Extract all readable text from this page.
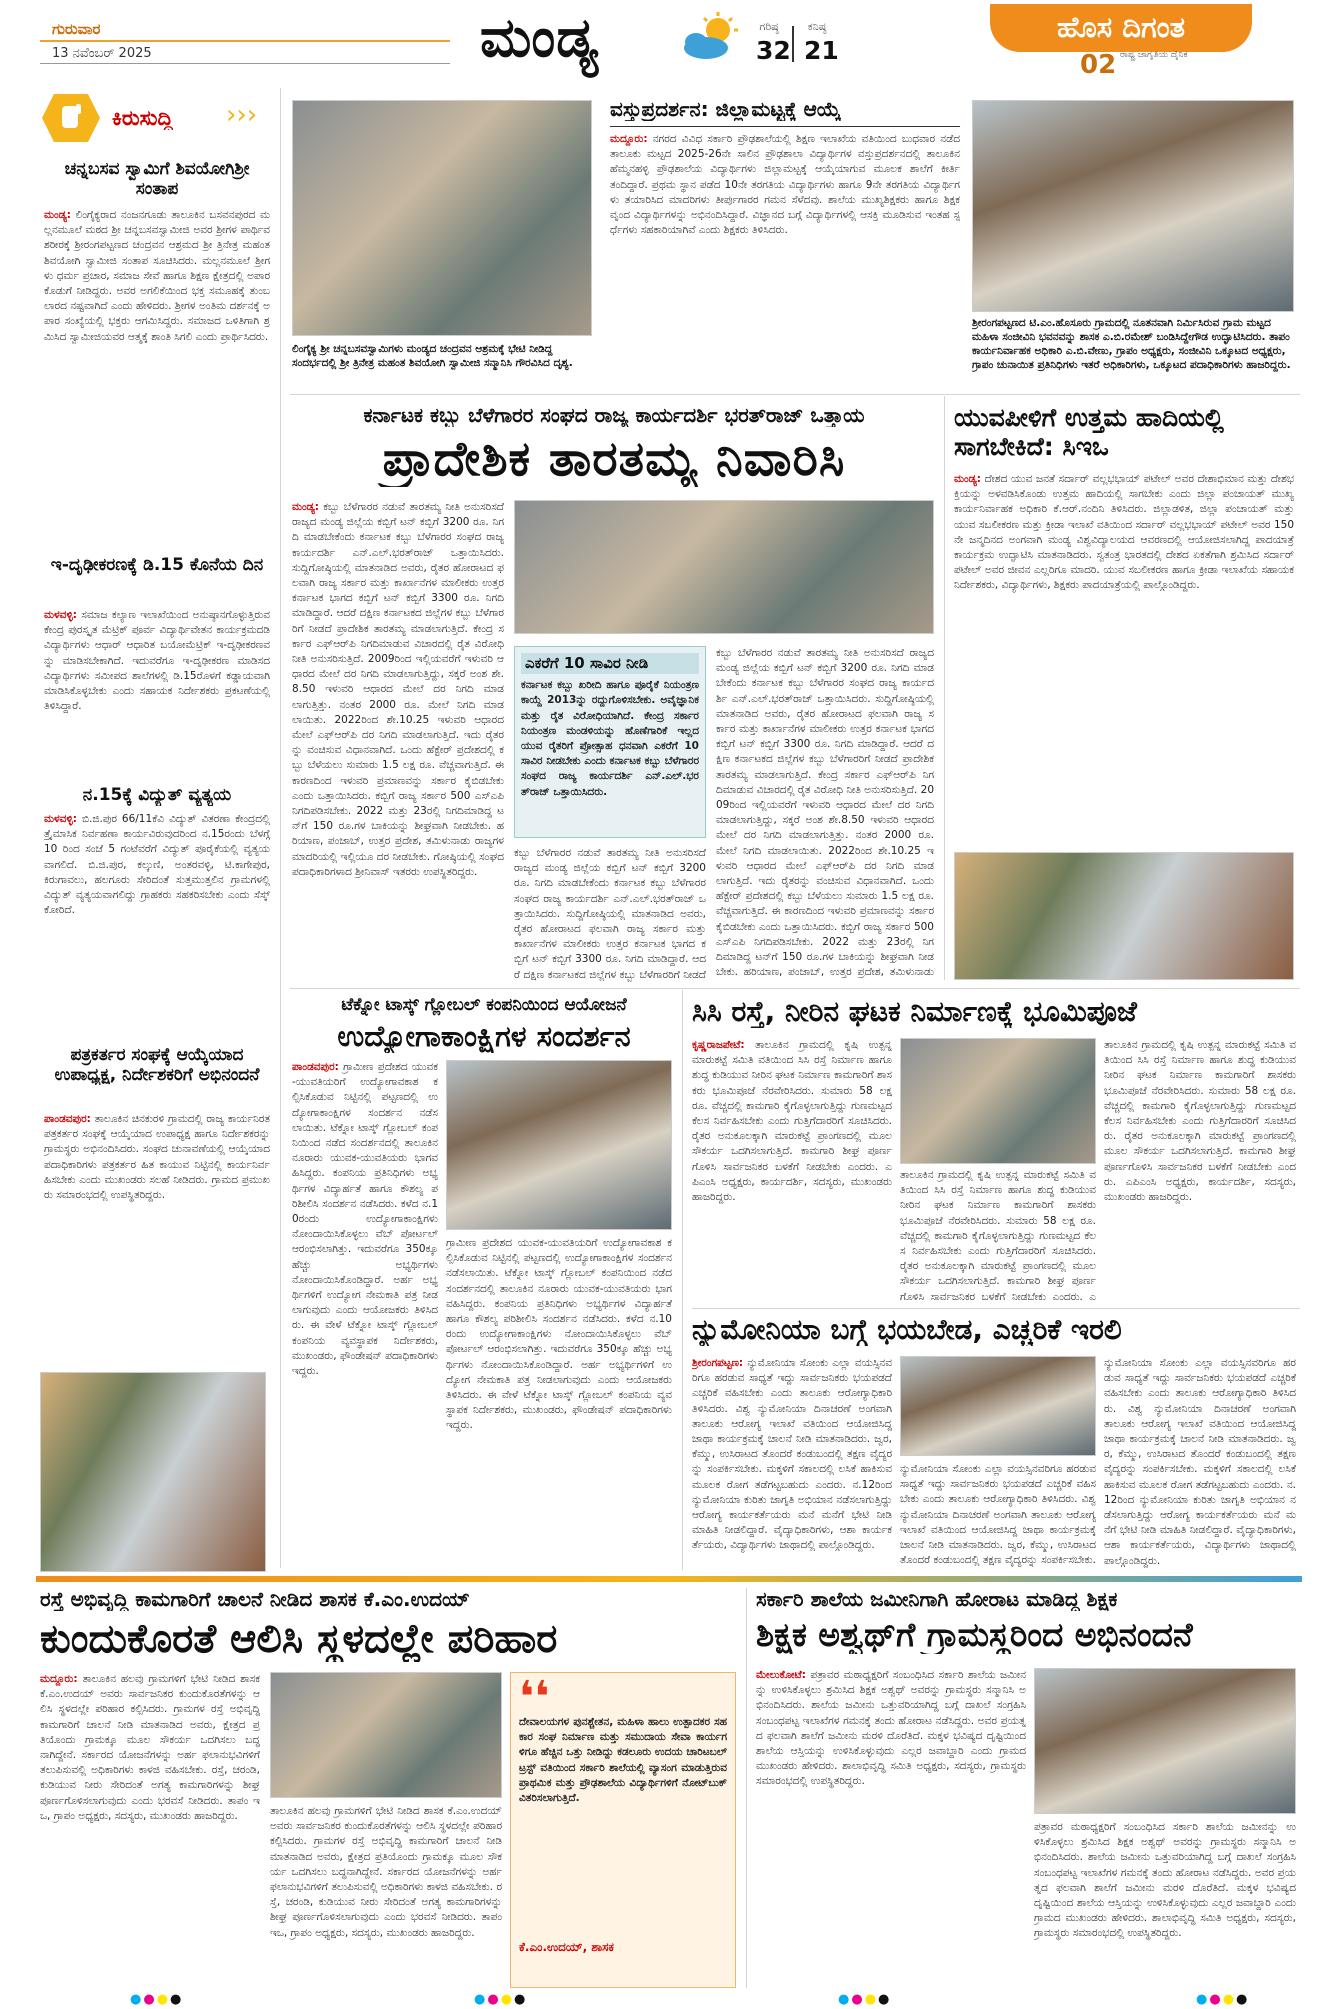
ಗುರುವಾರ
13 ನವೆಂಬರ್ 2025	ಮಂಡ್ಯ	ಗರಿಷ್ಠ
32
ಕನಿಷ್ಠ
21
ಹೊಸ ದಿಗಂತ
ರಾಷ್ಟ್ರ ಜಾಗೃತಿಯ ದೈನಿಕ
02
ಕಿರುಸುದ್ದಿ ›››
ಚನ್ನಬಸವ ಸ್ವಾಮಿಗೆ ಶಿವಯೋಗಿಶ್ರೀ ಸಂತಾಪ
ಮಂಡ್ಯ: ಲಿಂಗೈಕ್ಯರಾದ ನಂಜನಗೂಡು ತಾಲೂಕಿನ ಬಸವನಪುರದ ಮಲ್ಲನಮೂಲೆ ಮಠದ ಶ್ರೀ ಚನ್ನಬಸವಸ್ವಾಮೀಜಿ ಅವರ ಶ್ರೀಗಳ ಪಾರ್ಥಿವ ಶರೀರಕ್ಕೆ ಶ್ರೀರಂಗಪಟ್ಟಣದ ಚಂದ್ರವನ ಆಶ್ರಮದ ಶ್ರೀ ತ್ರಿನೇತ್ರ ಮಹಂತ ಶಿವಯೋಗಿ ಸ್ವಾಮೀಜಿ ಸಂತಾಪ ಸೂಚಿಸಿದರು. ಮಲ್ಲನಮೂಲೆ ಶ್ರೀಗಳು ಧರ್ಮ ಪ್ರಚಾರ, ಸಮಾಜ ಸೇವೆ ಹಾಗೂ ಶಿಕ್ಷಣ ಕ್ಷೇತ್ರದಲ್ಲಿ ಅಪಾರ ಕೊಡುಗೆ ನೀಡಿದ್ದರು. ಅವರ ಅಗಲಿಕೆಯಿಂದ ಭಕ್ತ ಸಮೂಹಕ್ಕೆ ತುಂಬಲಾರದ ನಷ್ಟವಾಗಿದೆ ಎಂದು ಹೇಳಿದರು. ಶ್ರೀಗಳ ಅಂತಿಮ ದರ್ಶನಕ್ಕೆ ಅಪಾರ ಸಂಖ್ಯೆಯಲ್ಲಿ ಭಕ್ತರು ಆಗಮಿಸಿದ್ದರು. ಸಮಾಜದ ಒಳಿತಿಗಾಗಿ ಶ್ರಮಿಸಿದ ಸ್ವಾಮೀಜಿಯವರ ಆತ್ಮಕ್ಕೆ ಶಾಂತಿ ಸಿಗಲಿ ಎಂದು ಪ್ರಾರ್ಥಿಸಿದರು.
ಇ-ದೃಢೀಕರಣಕ್ಕೆ ಡಿ.15 ಕೊನೆಯ ದಿನ
ಮಳವಳ್ಳಿ: ಸಮಾಜ ಕಲ್ಯಾಣ ಇಲಾಖೆಯಿಂದ ಅನುಷ್ಠಾನಗೊಳ್ಳುತ್ತಿರುವ ಕೇಂದ್ರ ಪುರಸ್ಕೃತ ಮೆಟ್ರಿಕ್ ಪೂರ್ವ ವಿದ್ಯಾರ್ಥಿವೇತನ ಕಾರ್ಯಕ್ರಮದಡಿ ವಿದ್ಯಾರ್ಥಿಗಳು ಆಧಾರ್ ಆಧಾರಿತ ಬಯೋಮೆಟ್ರಿಕ್ ಇ-ದೃಢೀಕರಣವನ್ನು ಮಾಡಿಸಬೇಕಾಗಿದೆ. ಇದುವರೆಗೂ ಇ-ದೃಢೀಕರಣ ಮಾಡಿಸದ ವಿದ್ಯಾರ್ಥಿಗಳು ಸಮೀಪದ ಶಾಲೆಗಳಲ್ಲಿ ಡಿ.15ರೊಳಗೆ ಕಡ್ಡಾಯವಾಗಿ ಮಾಡಿಸಿಕೊಳ್ಳಬೇಕು ಎಂದು ಸಹಾಯಕ ನಿರ್ದೇಶಕರು ಪ್ರಕಟಣೆಯಲ್ಲಿ ತಿಳಿಸಿದ್ದಾರೆ.
ನ.15ಕ್ಕೆ ವಿದ್ಯುತ್ ವ್ಯತ್ಯಯ
ಮಳವಳ್ಳಿ: ಬಿ.ಜಿ.ಪುರ 66/11ಕೆವಿ ವಿದ್ಯುತ್ ವಿತರಣಾ ಕೇಂದ್ರದಲ್ಲಿ ತ್ರೈಮಾಸಿಕ ನಿರ್ವಹಣಾ ಕಾರ್ಯವಿರುವುದರಿಂದ ನ.15ರಂದು ಬೆಳಗ್ಗೆ 10 ರಿಂದ ಸಂಜೆ 5 ಗಂಟೆವರೆಗೆ ವಿದ್ಯುತ್ ಪೂರೈಕೆಯಲ್ಲಿ ವ್ಯತ್ಯಯವಾಗಲಿದೆ. ಬಿ.ಜಿ.ಪುರ, ಕಲ್ಕುಣಿ, ಅಂತರವಳ್ಳಿ, ಟಿ.ಕಾಗೇಪುರ, ಕಿರುಗಾವಲು, ಹಲಗೂರು ಸೇರಿದಂತೆ ಸುತ್ತಮುತ್ತಲಿನ ಗ್ರಾಮಗಳಲ್ಲಿ ವಿದ್ಯುತ್ ವ್ಯತ್ಯಯವಾಗಲಿದ್ದು ಗ್ರಾಹಕರು ಸಹಕರಿಸಬೇಕು ಎಂದು ಸೆಸ್ಕ್ ಕೋರಿದೆ.
ಪತ್ರಕರ್ತರ ಸಂಘಕ್ಕೆ ಆಯ್ಕೆಯಾದ ಉಪಾಧ್ಯಕ್ಷ, ನಿರ್ದೇಶಕರಿಗೆ ಅಭಿನಂದನೆ
ಪಾಂಡವಪುರ: ತಾಲೂಕಿನ ಚಿನಕುರಳಿ ಗ್ರಾಮದಲ್ಲಿ ರಾಜ್ಯ ಕಾರ್ಯನಿರತ ಪತ್ರಕರ್ತರ ಸಂಘಕ್ಕೆ ಆಯ್ಕೆಯಾದ ಉಪಾಧ್ಯಕ್ಷ ಹಾಗೂ ನಿರ್ದೇಶಕರನ್ನು ಗ್ರಾಮಸ್ಥರು ಅಭಿನಂದಿಸಿದರು. ಸಂಘದ ಚುನಾವಣೆಯಲ್ಲಿ ಆಯ್ಕೆಯಾದ ಪದಾಧಿಕಾರಿಗಳು ಪತ್ರಕರ್ತರ ಹಿತ ಕಾಯುವ ನಿಟ್ಟಿನಲ್ಲಿ ಕಾರ್ಯನಿರ್ವಹಿಸಬೇಕು ಎಂದು ಮುಖಂಡರು ಸಲಹೆ ನೀಡಿದರು. ಗ್ರಾಮದ ಪ್ರಮುಖರು ಸಮಾರಂಭದಲ್ಲಿ ಉಪಸ್ಥಿತರಿದ್ದರು.
ಲಿಂಗೈಕ್ಯ ಶ್ರೀ ಚನ್ನಬಸವಸ್ವಾಮಿಗಳು ಮಂಡ್ಯದ ಚಂದ್ರವನ ಆಶ್ರಮಕ್ಕೆ ಭೇಟಿ ನೀಡಿದ್ದ ಸಂದರ್ಭದಲ್ಲಿ ಶ್ರೀ ತ್ರಿನೇತ್ರ ಮಹಂತ ಶಿವಯೋಗಿ ಸ್ವಾಮೀಜಿ ಸನ್ಮಾನಿಸಿ ಗೌರವಿಸಿದ ದೃಶ್ಯ.
ವಸ್ತುಪ್ರದರ್ಶನ: ಜಿಲ್ಲಾಮಟ್ಟಕ್ಕೆ ಆಯ್ಕೆ
ಮದ್ದೂರು: ನಗರದ ವಿವಿಧ ಸರ್ಕಾರಿ ಪ್ರೌಢಶಾಲೆಯಲ್ಲಿ ಶಿಕ್ಷಣ ಇಲಾಖೆಯ ವತಿಯಿಂದ ಬುಧವಾರ ನಡೆದ ತಾಲೂಕು ಮಟ್ಟದ 2025-26ನೇ ಸಾಲಿನ ಪ್ರೌಢಶಾಲಾ ವಿದ್ಯಾರ್ಥಿಗಳ ವಸ್ತುಪ್ರದರ್ಶನದಲ್ಲಿ ತಾಲೂಕಿನ ಹೆಮ್ಮನಹಳ್ಳಿ ಪ್ರೌಢಶಾಲೆಯ ವಿದ್ಯಾರ್ಥಿಗಳು ಜಿಲ್ಲಾಮಟ್ಟಕ್ಕೆ ಆಯ್ಕೆಯಾಗುವ ಮೂಲಕ ಶಾಲೆಗೆ ಕೀರ್ತಿ ತಂದಿದ್ದಾರೆ. ಪ್ರಥಮ ಸ್ಥಾನ ಪಡೆದ 10ನೇ ತರಗತಿಯ ವಿದ್ಯಾರ್ಥಿಗಳು ಹಾಗೂ 9ನೇ ತರಗತಿಯ ವಿದ್ಯಾರ್ಥಿಗಳು ತಯಾರಿಸಿದ ಮಾದರಿಗಳು ತೀರ್ಪುಗಾರರ ಗಮನ ಸೆಳೆದವು. ಶಾಲೆಯ ಮುಖ್ಯಶಿಕ್ಷಕರು ಹಾಗೂ ಶಿಕ್ಷಕ ವೃಂದ ವಿದ್ಯಾರ್ಥಿಗಳನ್ನು ಅಭಿನಂದಿಸಿದ್ದಾರೆ. ವಿಜ್ಞಾನದ ಬಗ್ಗೆ ವಿದ್ಯಾರ್ಥಿಗಳಲ್ಲಿ ಆಸಕ್ತಿ ಮೂಡಿಸುವ ಇಂತಹ ಸ್ಪರ್ಧೆಗಳು ಸಹಕಾರಿಯಾಗಿವೆ ಎಂದು ಶಿಕ್ಷಕರು ತಿಳಿಸಿದರು.
ಶ್ರೀರಂಗಪಟ್ಟಣದ ಟಿ.ಎಂ.ಹೊಸೂರು ಗ್ರಾಮದಲ್ಲಿ ನೂತನವಾಗಿ ನಿರ್ಮಿಸಿರುವ ಗ್ರಾಮ ಮಟ್ಟದ ಮಹಿಳಾ ಸಂಜೀವಿನಿ ಭವನವನ್ನು ಶಾಸಕ ಎ.ಬಿ.ರಮೇಶ್ ಬಂಡಿಸಿದ್ದೇಗೌಡ ಉದ್ಘಾಟಿಸಿದರು. ತಾಪಂ ಕಾರ್ಯನಿರ್ವಾಹಕ ಅಧಿಕಾರಿ ಎ.ಬಿ.ವೇಣು, ಗ್ರಾಪಂ ಅಧ್ಯಕ್ಷರು, ಸಂಜೀವಿನಿ ಒಕ್ಕೂಟದ ಅಧ್ಯಕ್ಷರು, ಗ್ರಾಪಂ ಚುನಾಯಿತ ಪ್ರತಿನಿಧಿಗಳು ಇತರೆ ಅಧಿಕಾರಿಗಳು, ಒಕ್ಕೂಟದ ಪದಾಧಿಕಾರಿಗಳು ಹಾಜರಿದ್ದರು.
ಕರ್ನಾಟಕ ಕಬ್ಬು ಬೆಳೆಗಾರರ ಸಂಘದ ರಾಜ್ಯ ಕಾರ್ಯದರ್ಶಿ ಭರತ್‌ರಾಜ್ ಒತ್ತಾಯ
ಪ್ರಾದೇಶಿಕ ತಾರತಮ್ಯ ನಿವಾರಿಸಿ
ಮಂಡ್ಯ: ಕಬ್ಬು ಬೆಳೆಗಾರರ ನಡುವೆ ತಾರತಮ್ಯ ನೀತಿ ಅನುಸರಿಸದೆ ರಾಜ್ಯದ ಮಂಡ್ಯ ಜಿಲ್ಲೆಯ ಕಬ್ಬಿಗೆ ಟನ್ ಕಬ್ಬಿಗೆ 3200 ರೂ. ನಿಗದಿ ಮಾಡಬೇಕೆಂದು ಕರ್ನಾಟಕ ಕಬ್ಬು ಬೆಳೆಗಾರರ ಸಂಘದ ರಾಜ್ಯ ಕಾರ್ಯದರ್ಶಿ ಎನ್.ಎಲ್.ಭರತ್‌ರಾಜ್ ಒತ್ತಾಯಿಸಿದರು. ಸುದ್ದಿಗೋಷ್ಠಿಯಲ್ಲಿ ಮಾತನಾಡಿದ ಅವರು, ರೈತರ ಹೋರಾಟದ ಫಲವಾಗಿ ರಾಜ್ಯ ಸರ್ಕಾರ ಮತ್ತು ಕಾರ್ಖಾನೆಗಳ ಮಾಲೀಕರು ಉತ್ತರ ಕರ್ನಾಟಕ ಭಾಗದ ಕಬ್ಬಿಗೆ ಟನ್ ಕಬ್ಬಿಗೆ 3300 ರೂ. ನಿಗದಿ ಮಾಡಿದ್ದಾರೆ. ಆದರೆ ದಕ್ಷಿಣ ಕರ್ನಾಟಕದ ಜಿಲ್ಲೆಗಳ ಕಬ್ಬು ಬೆಳೆಗಾರರಿಗೆ ನೀಡದೆ ಪ್ರಾದೇಶಿಕ ತಾರತಮ್ಯ ಮಾಡಲಾಗುತ್ತಿದೆ. ಕೇಂದ್ರ ಸರ್ಕಾರ ಎಫ್‌ಆರ್‌ಪಿ ನಿಗದಿಮಾಡುವ ವಿಚಾರದಲ್ಲಿ ರೈತ ವಿರೋಧಿ ನೀತಿ ಅನುಸರಿಸುತ್ತಿದೆ. 2009ರಿಂದ ಇಲ್ಲಿಯವರೆಗೆ ಇಳುವರಿ ಆಧಾರದ ಮೇಲೆ ದರ ನಿಗದಿ ಮಾಡಲಾಗುತ್ತಿದ್ದು, ಸಕ್ಕರೆ ಅಂಶ ಶೇ.8.50 ಇಳುವರಿ ಆಧಾರದ ಮೇಲೆ ದರ ನಿಗದಿ ಮಾಡಲಾಗುತ್ತಿತ್ತು. ನಂತರ 2000 ರೂ. ಮೇಲೆ ನಿಗದಿ ಮಾಡಲಾಯಿತು. 2022ರಿಂದ ಶೇ.10.25 ಇಳುವರಿ ಆಧಾರದ ಮೇಲೆ ಎಫ್‌ಆರ್‌ಪಿ ದರ ನಿಗದಿ ಮಾಡಲಾಗುತ್ತಿದೆ. ಇದು ರೈತರನ್ನು ವಂಚಿಸುವ ವಿಧಾನವಾಗಿದೆ. ಒಂದು ಹೆಕ್ಟೇರ್ ಪ್ರದೇಶದಲ್ಲಿ ಕಬ್ಬು ಬೆಳೆಯಲು ಸುಮಾರು 1.5 ಲಕ್ಷ ರೂ. ವೆಚ್ಚವಾಗುತ್ತಿದೆ. ಈ ಕಾರಣದಿಂದ ಇಳುವರಿ ಪ್ರಮಾಣವನ್ನು ಸರ್ಕಾರ ಕೈಬಿಡಬೇಕು ಎಂದು ಒತ್ತಾಯಿಸಿದರು. ಕಬ್ಬಿಗೆ ರಾಜ್ಯ ಸರ್ಕಾರ 500 ಎಸ್‌ಎಪಿ ನಿಗದಿಪಡಿಸಬೇಕು. 2022 ಮತ್ತು 23ರಲ್ಲಿ ನಿಗದಿಮಾಡಿದ್ದ ಟನ್‌ಗೆ 150 ರೂ.ಗಳ ಬಾಕಿಯನ್ನು ಶೀಘ್ರವಾಗಿ ನೀಡಬೇಕು. ಹರಿಯಾಣ, ಪಂಜಾಬ್, ಉತ್ತರ ಪ್ರದೇಶ, ತಮಿಳುನಾಡು ರಾಜ್ಯಗಳ ಮಾದರಿಯಲ್ಲಿ ಇಲ್ಲಿಯೂ ದರ ನೀಡಬೇಕು. ಗೋಷ್ಠಿಯಲ್ಲಿ ಸಂಘದ ಪದಾಧಿಕಾರಿಗಳಾದ ಶ್ರೀನಿವಾಸ್ ಇತರರು ಉಪಸ್ಥಿತರಿದ್ದರು.
ಎಕರೆಗೆ 10 ಸಾವಿರ ನೀಡಿ
ಕರ್ನಾಟಕ ಕಬ್ಬು ಖರೀದಿ ಹಾಗೂ ಪೂರೈಕೆ ನಿಯಂತ್ರಣ ಕಾಯ್ದೆ 2013ನ್ನು ರದ್ದುಗೊಳಿಸಬೇಕು. ಅವೈಜ್ಞಾನಿಕ ಮತ್ತು ರೈತ ವಿರೋಧಿಯಾಗಿದೆ. ಕೇಂದ್ರ ಸರ್ಕಾರ ನಿಯಂತ್ರಣ ಮಂಡಳಿಯನ್ನು ಹೊಣೆಗಾರಿಕೆ ಇಲ್ಲದ ಯುವ ರೈತರಿಗೆ ಪ್ರೋತ್ಸಾಹ ಧನವಾಗಿ ಎಕರೆಗೆ 10 ಸಾವಿರ ನೀಡಬೇಕು ಎಂದು ಕರ್ನಾಟಕ ಕಬ್ಬು ಬೆಳೆಗಾರರ ಸಂಘದ ರಾಜ್ಯ ಕಾರ್ಯದರ್ಶಿ ಎನ್.ಎಲ್.ಭರತ್‌ರಾಜ್ ಒತ್ತಾಯಿಸಿದರು.
ಕಬ್ಬು ಬೆಳೆಗಾರರ ನಡುವೆ ತಾರತಮ್ಯ ನೀತಿ ಅನುಸರಿಸದೆ ರಾಜ್ಯದ ಮಂಡ್ಯ ಜಿಲ್ಲೆಯ ಕಬ್ಬಿಗೆ ಟನ್ ಕಬ್ಬಿಗೆ 3200 ರೂ. ನಿಗದಿ ಮಾಡಬೇಕೆಂದು ಕರ್ನಾಟಕ ಕಬ್ಬು ಬೆಳೆಗಾರರ ಸಂಘದ ರಾಜ್ಯ ಕಾರ್ಯದರ್ಶಿ ಎನ್.ಎಲ್.ಭರತ್‌ರಾಜ್ ಒತ್ತಾಯಿಸಿದರು. ಸುದ್ದಿಗೋಷ್ಠಿಯಲ್ಲಿ ಮಾತನಾಡಿದ ಅವರು, ರೈತರ ಹೋರಾಟದ ಫಲವಾಗಿ ರಾಜ್ಯ ಸರ್ಕಾರ ಮತ್ತು ಕಾರ್ಖಾನೆಗಳ ಮಾಲೀಕರು ಉತ್ತರ ಕರ್ನಾಟಕ ಭಾಗದ ಕಬ್ಬಿಗೆ ಟನ್ ಕಬ್ಬಿಗೆ 3300 ರೂ. ನಿಗದಿ ಮಾಡಿದ್ದಾರೆ. ಆದರೆ ದಕ್ಷಿಣ ಕರ್ನಾಟಕದ ಜಿಲ್ಲೆಗಳ ಕಬ್ಬು ಬೆಳೆಗಾರರಿಗೆ ನೀಡದೆ ಪ್ರಾದೇಶಿಕ ತಾರತಮ್ಯ ಮಾಡಲಾಗುತ್ತಿದೆ. ಕೇಂದ್ರ ಸರ್ಕಾರ ಎಫ್‌ಆರ್‌ಪಿ ನಿಗದಿಮಾಡುವ ವಿಚಾರದಲ್ಲಿ ರೈತ ವಿರೋಧಿ ನೀತಿ ಅನುಸರಿಸುತ್ತಿದೆ. 2009ರಿಂದ ಇಲ್ಲಿಯವರೆಗೆ ಇಳುವರಿ ಆಧಾರದ ಮೇಲೆ ದರ ನಿಗದಿ ಮಾಡಲಾಗುತ್ತಿದ್ದು, ಸಕ್ಕರೆ ಅಂಶ ಶೇ.8.50 ಇಳುವರಿ ಆಧಾರದ ಮೇಲೆ ದರ ನಿಗದಿ ಮಾಡಲಾಗುತ್ತಿತ್ತು. ನಂತರ 2000 ರೂ. ಮೇಲೆ ನಿಗದಿ ಮಾಡಲಾಯಿತು. 2022ರಿಂದ ಶೇ.10.25 ಇಳುವರಿ ಆಧಾರದ ಮೇಲೆ ಎಫ್‌ಆರ್‌ಪಿ ದರ ನಿಗದಿ ಮಾಡಲಾಗುತ್ತಿದೆ. ಇದು ರೈತರನ್ನು ವಂಚಿಸುವ ವಿಧಾನವಾಗಿದೆ. ಒಂದು ಹೆಕ್ಟೇರ್ ಪ್ರದೇಶದಲ್ಲಿ ಕಬ್ಬು ಬೆಳೆಯಲು ಸುಮಾರು 1.5 ಲಕ್ಷ ರೂ. ವೆಚ್ಚವಾಗುತ್ತಿದೆ. ಈ ಕಾರಣದಿಂದ ಇಳುವರಿ ಪ್ರಮಾಣವನ್ನು ಸರ್ಕಾರ ಕೈಬಿಡಬೇಕು ಎಂದು ಒತ್ತಾಯಿಸಿದರು. ಕಬ್ಬಿಗೆ ರಾಜ್ಯ ಸರ್ಕಾರ 500 ಎಸ್‌ಎಪಿ ನಿಗದಿಪಡಿಸಬೇಕು. 2022 ಮತ್ತು 23ರಲ್ಲಿ ನಿಗದಿಮಾಡಿದ್ದ ಟನ್‌ಗೆ 150 ರೂ.ಗಳ ಬಾಕಿಯನ್ನು ಶೀಘ್ರವಾಗಿ ನೀಡಬೇಕು. ಹರಿಯಾಣ, ಪಂಜಾಬ್, ಉತ್ತರ ಪ್ರದೇಶ, ತಮಿಳುನಾಡು
ಕಬ್ಬು ಬೆಳೆಗಾರರ ನಡುವೆ ತಾರತಮ್ಯ ನೀತಿ ಅನುಸರಿಸದೆ ರಾಜ್ಯದ ಮಂಡ್ಯ ಜಿಲ್ಲೆಯ ಕಬ್ಬಿಗೆ ಟನ್ ಕಬ್ಬಿಗೆ 3200 ರೂ. ನಿಗದಿ ಮಾಡಬೇಕೆಂದು ಕರ್ನಾಟಕ ಕಬ್ಬು ಬೆಳೆಗಾರರ ಸಂಘದ ರಾಜ್ಯ ಕಾರ್ಯದರ್ಶಿ ಎನ್.ಎಲ್.ಭರತ್‌ರಾಜ್ ಒತ್ತಾಯಿಸಿದರು. ಸುದ್ದಿಗೋಷ್ಠಿಯಲ್ಲಿ ಮಾತನಾಡಿದ ಅವರು, ರೈತರ ಹೋರಾಟದ ಫಲವಾಗಿ ರಾಜ್ಯ ಸರ್ಕಾರ ಮತ್ತು ಕಾರ್ಖಾನೆಗಳ ಮಾಲೀಕರು ಉತ್ತರ ಕರ್ನಾಟಕ ಭಾಗದ ಕಬ್ಬಿಗೆ ಟನ್ ಕಬ್ಬಿಗೆ 3300 ರೂ. ನಿಗದಿ ಮಾಡಿದ್ದಾರೆ. ಆದರೆ ದಕ್ಷಿಣ ಕರ್ನಾಟಕದ ಜಿಲ್ಲೆಗಳ ಕಬ್ಬು ಬೆಳೆಗಾರರಿಗೆ ನೀಡದೆ
ಯುವಪೀಳಿಗೆ ಉತ್ತಮ ಹಾದಿಯಲ್ಲಿ ಸಾಗಬೇಕಿದೆ: ಸಿಇಒ
ಮಂಡ್ಯ: ದೇಶದ ಯುವ ಜನತೆ ಸರ್ದಾರ್ ವಲ್ಲಭಭಾಯ್ ಪಟೇಲ್ ಅವರ ದೇಶಾಭಿಮಾನ ಮತ್ತು ದೇಶಭಕ್ತಿಯನ್ನು ಅಳವಡಿಸಿಕೊಂಡು ಉತ್ತಮ ಹಾದಿಯಲ್ಲಿ ಸಾಗಬೇಕು ಎಂದು ಜಿಲ್ಲಾ ಪಂಚಾಯತ್ ಮುಖ್ಯ ಕಾರ್ಯನಿರ್ವಾಹಕ ಅಧಿಕಾರಿ ಕೆ.ಆರ್.ನಂದಿನಿ ತಿಳಿಸಿದರು. ಜಿಲ್ಲಾಡಳಿತ, ಜಿಲ್ಲಾ ಪಂಚಾಯತ್ ಮತ್ತು ಯುವ ಸಬಲೀಕರಣ ಮತ್ತು ಕ್ರೀಡಾ ಇಲಾಖೆ ವತಿಯಿಂದ ಸರ್ದಾರ್ ವಲ್ಲಭಭಾಯ್ ಪಟೇಲ್ ಅವರ 150ನೇ ಜನ್ಮದಿನದ ಅಂಗವಾಗಿ ಮಂಡ್ಯ ವಿಶ್ವವಿದ್ಯಾಲಯದ ಆವರಣದಲ್ಲಿ ಆಯೋಜಿಸಲಾಗಿದ್ದ ಪಾದಯಾತ್ರೆ ಕಾರ್ಯಕ್ರಮ ಉದ್ಘಾಟಿಸಿ ಮಾತನಾಡಿದರು. ಸ್ವತಂತ್ರ ಭಾರತದಲ್ಲಿ ದೇಶದ ಏಕತೆಗಾಗಿ ಶ್ರಮಿಸಿದ ಸರ್ದಾರ್ ಪಟೇಲ್ ಅವರ ಜೀವನ ಎಲ್ಲರಿಗೂ ಮಾದರಿ. ಯುವ ಸಬಲೀಕರಣ ಹಾಗೂ ಕ್ರೀಡಾ ಇಲಾಖೆಯ ಸಹಾಯಕ ನಿರ್ದೇಶಕರು, ವಿದ್ಯಾರ್ಥಿಗಳು, ಶಿಕ್ಷಕರು ಪಾದಯಾತ್ರೆಯಲ್ಲಿ ಪಾಲ್ಗೊಂಡಿದ್ದರು.
ಟೆಕ್ನೋ ಟಾಸ್ಕ್ ಗ್ಲೋಬಲ್ ಕಂಪನಿಯಿಂದ ಆಯೋಜನೆ
ಉದ್ಯೋಗಾಕಾಂಕ್ಷಿಗಳ ಸಂದರ್ಶನ
ಪಾಂಡವಪುರ: ಗ್ರಾಮೀಣ ಪ್ರದೇಶದ ಯುವಕ-ಯುವತಿಯರಿಗೆ ಉದ್ಯೋಗಾವಕಾಶ ಕಲ್ಪಿಸಿಕೊಡುವ ನಿಟ್ಟಿನಲ್ಲಿ ಪಟ್ಟಣದಲ್ಲಿ ಉದ್ಯೋಗಾಕಾಂಕ್ಷಿಗಳ ಸಂದರ್ಶನ ನಡೆಸಲಾಯಿತು. ಟೆಕ್ನೋ ಟಾಸ್ಕ್ ಗ್ಲೋಬಲ್ ಕಂಪನಿಯಿಂದ ನಡೆದ ಸಂದರ್ಶನದಲ್ಲಿ ತಾಲೂಕಿನ ನೂರಾರು ಯುವಕ-ಯುವತಿಯರು ಭಾಗವಹಿಸಿದ್ದರು. ಕಂಪನಿಯ ಪ್ರತಿನಿಧಿಗಳು ಅಭ್ಯರ್ಥಿಗಳ ವಿದ್ಯಾರ್ಹತೆ ಹಾಗೂ ಕೌಶಲ್ಯ ಪರಿಶೀಲಿಸಿ ಸಂದರ್ಶನ ನಡೆಸಿದರು. ಕಳೆದ ನ.10ರಂದು ಉದ್ಯೋಗಾಕಾಂಕ್ಷಿಗಳು ನೋಂದಾಯಿಸಿಕೊಳ್ಳಲು ವೆಬ್ ಪೋರ್ಟಲ್ ಆರಂಭಿಸಲಾಗಿತ್ತು. ಇದುವರೆಗೂ 350ಕ್ಕೂ ಹೆಚ್ಚು ಅಭ್ಯರ್ಥಿಗಳು ನೋಂದಾಯಿಸಿಕೊಂಡಿದ್ದಾರೆ. ಅರ್ಹ ಅಭ್ಯರ್ಥಿಗಳಿಗೆ ಉದ್ಯೋಗ ನೇಮಕಾತಿ ಪತ್ರ ನೀಡಲಾಗುವುದು ಎಂದು ಆಯೋಜಕರು ತಿಳಿಸಿದರು. ಈ ವೇಳೆ ಟೆಕ್ನೋ ಟಾಸ್ಕ್ ಗ್ಲೋಬಲ್ ಕಂಪನಿಯ ವ್ಯವಸ್ಥಾಪಕ ನಿರ್ದೇಶಕರು, ಮುಖಂಡರು, ಫೌಂಡೇಷನ್ ಪದಾಧಿಕಾರಿಗಳು ಇದ್ದರು.
ಗ್ರಾಮೀಣ ಪ್ರದೇಶದ ಯುವಕ-ಯುವತಿಯರಿಗೆ ಉದ್ಯೋಗಾವಕಾಶ ಕಲ್ಪಿಸಿಕೊಡುವ ನಿಟ್ಟಿನಲ್ಲಿ ಪಟ್ಟಣದಲ್ಲಿ ಉದ್ಯೋಗಾಕಾಂಕ್ಷಿಗಳ ಸಂದರ್ಶನ ನಡೆಸಲಾಯಿತು. ಟೆಕ್ನೋ ಟಾಸ್ಕ್ ಗ್ಲೋಬಲ್ ಕಂಪನಿಯಿಂದ ನಡೆದ ಸಂದರ್ಶನದಲ್ಲಿ ತಾಲೂಕಿನ ನೂರಾರು ಯುವಕ-ಯುವತಿಯರು ಭಾಗವಹಿಸಿದ್ದರು. ಕಂಪನಿಯ ಪ್ರತಿನಿಧಿಗಳು ಅಭ್ಯರ್ಥಿಗಳ ವಿದ್ಯಾರ್ಹತೆ ಹಾಗೂ ಕೌಶಲ್ಯ ಪರಿಶೀಲಿಸಿ ಸಂದರ್ಶನ ನಡೆಸಿದರು. ಕಳೆದ ನ.10ರಂದು ಉದ್ಯೋಗಾಕಾಂಕ್ಷಿಗಳು ನೋಂದಾಯಿಸಿಕೊಳ್ಳಲು ವೆಬ್ ಪೋರ್ಟಲ್ ಆರಂಭಿಸಲಾಗಿತ್ತು. ಇದುವರೆಗೂ 350ಕ್ಕೂ ಹೆಚ್ಚು ಅಭ್ಯರ್ಥಿಗಳು ನೋಂದಾಯಿಸಿಕೊಂಡಿದ್ದಾರೆ. ಅರ್ಹ ಅಭ್ಯರ್ಥಿಗಳಿಗೆ ಉದ್ಯೋಗ ನೇಮಕಾತಿ ಪತ್ರ ನೀಡಲಾಗುವುದು ಎಂದು ಆಯೋಜಕರು ತಿಳಿಸಿದರು. ಈ ವೇಳೆ ಟೆಕ್ನೋ ಟಾಸ್ಕ್ ಗ್ಲೋಬಲ್ ಕಂಪನಿಯ ವ್ಯವಸ್ಥಾಪಕ ನಿರ್ದೇಶಕರು, ಮುಖಂಡರು, ಫೌಂಡೇಷನ್ ಪದಾಧಿಕಾರಿಗಳು ಇದ್ದರು.
ಸಿಸಿ ರಸ್ತೆ, ನೀರಿನ ಘಟಕ ನಿರ್ಮಾಣಕ್ಕೆ ಭೂಮಿಪೂಜೆ
ಕೃಷ್ಣರಾಜಪೇಟೆ: ತಾಲೂಕಿನ ಗ್ರಾಮದಲ್ಲಿ ಕೃಷಿ ಉತ್ಪನ್ನ ಮಾರುಕಟ್ಟೆ ಸಮಿತಿ ವತಿಯಿಂದ ಸಿಸಿ ರಸ್ತೆ ನಿರ್ಮಾಣ ಹಾಗೂ ಶುದ್ಧ ಕುಡಿಯುವ ನೀರಿನ ಘಟಕ ನಿರ್ಮಾಣ ಕಾಮಗಾರಿಗೆ ಶಾಸಕರು ಭೂಮಿಪೂಜೆ ನೆರವೇರಿಸಿದರು. ಸುಮಾರು 58 ಲಕ್ಷ ರೂ. ವೆಚ್ಚದಲ್ಲಿ ಕಾಮಗಾರಿ ಕೈಗೊಳ್ಳಲಾಗುತ್ತಿದ್ದು ಗುಣಮಟ್ಟದ ಕೆಲಸ ನಿರ್ವಹಿಸಬೇಕು ಎಂದು ಗುತ್ತಿಗೆದಾರರಿಗೆ ಸೂಚಿಸಿದರು. ರೈತರ ಅನುಕೂಲಕ್ಕಾಗಿ ಮಾರುಕಟ್ಟೆ ಪ್ರಾಂಗಣದಲ್ಲಿ ಮೂಲ ಸೌಕರ್ಯ ಒದಗಿಸಲಾಗುತ್ತಿದೆ. ಕಾಮಗಾರಿ ಶೀಘ್ರ ಪೂರ್ಣಗೊಳಿಸಿ ಸಾರ್ವಜನಿಕರ ಬಳಕೆಗೆ ನೀಡಬೇಕು ಎಂದರು. ಎಪಿಎಂಸಿ ಅಧ್ಯಕ್ಷರು, ಕಾರ್ಯದರ್ಶಿ, ಸದಸ್ಯರು, ಮುಖಂಡರು ಹಾಜರಿದ್ದರು.
ತಾಲೂಕಿನ ಗ್ರಾಮದಲ್ಲಿ ಕೃಷಿ ಉತ್ಪನ್ನ ಮಾರುಕಟ್ಟೆ ಸಮಿತಿ ವತಿಯಿಂದ ಸಿಸಿ ರಸ್ತೆ ನಿರ್ಮಾಣ ಹಾಗೂ ಶುದ್ಧ ಕುಡಿಯುವ ನೀರಿನ ಘಟಕ ನಿರ್ಮಾಣ ಕಾಮಗಾರಿಗೆ ಶಾಸಕರು ಭೂಮಿಪೂಜೆ ನೆರವೇರಿಸಿದರು. ಸುಮಾರು 58 ಲಕ್ಷ ರೂ. ವೆಚ್ಚದಲ್ಲಿ ಕಾಮಗಾರಿ ಕೈಗೊಳ್ಳಲಾಗುತ್ತಿದ್ದು ಗುಣಮಟ್ಟದ ಕೆಲಸ ನಿರ್ವಹಿಸಬೇಕು ಎಂದು ಗುತ್ತಿಗೆದಾರರಿಗೆ ಸೂಚಿಸಿದರು. ರೈತರ ಅನುಕೂಲಕ್ಕಾಗಿ ಮಾರುಕಟ್ಟೆ ಪ್ರಾಂಗಣದಲ್ಲಿ ಮೂಲ ಸೌಕರ್ಯ ಒದಗಿಸಲಾಗುತ್ತಿದೆ. ಕಾಮಗಾರಿ ಶೀಘ್ರ ಪೂರ್ಣಗೊಳಿಸಿ ಸಾರ್ವಜನಿಕರ ಬಳಕೆಗೆ ನೀಡಬೇಕು ಎಂದರು. ಎ
ತಾಲೂಕಿನ ಗ್ರಾಮದಲ್ಲಿ ಕೃಷಿ ಉತ್ಪನ್ನ ಮಾರುಕಟ್ಟೆ ಸಮಿತಿ ವತಿಯಿಂದ ಸಿಸಿ ರಸ್ತೆ ನಿರ್ಮಾಣ ಹಾಗೂ ಶುದ್ಧ ಕುಡಿಯುವ ನೀರಿನ ಘಟಕ ನಿರ್ಮಾಣ ಕಾಮಗಾರಿಗೆ ಶಾಸಕರು ಭೂಮಿಪೂಜೆ ನೆರವೇರಿಸಿದರು. ಸುಮಾರು 58 ಲಕ್ಷ ರೂ. ವೆಚ್ಚದಲ್ಲಿ ಕಾಮಗಾರಿ ಕೈಗೊಳ್ಳಲಾಗುತ್ತಿದ್ದು ಗುಣಮಟ್ಟದ ಕೆಲಸ ನಿರ್ವಹಿಸಬೇಕು ಎಂದು ಗುತ್ತಿಗೆದಾರರಿಗೆ ಸೂಚಿಸಿದರು. ರೈತರ ಅನುಕೂಲಕ್ಕಾಗಿ ಮಾರುಕಟ್ಟೆ ಪ್ರಾಂಗಣದಲ್ಲಿ ಮೂಲ ಸೌಕರ್ಯ ಒದಗಿಸಲಾಗುತ್ತಿದೆ. ಕಾಮಗಾರಿ ಶೀಘ್ರ ಪೂರ್ಣಗೊಳಿಸಿ ಸಾರ್ವಜನಿಕರ ಬಳಕೆಗೆ ನೀಡಬೇಕು ಎಂದರು. ಎಪಿಎಂಸಿ ಅಧ್ಯಕ್ಷರು, ಕಾರ್ಯದರ್ಶಿ, ಸದಸ್ಯರು, ಮುಖಂಡರು ಹಾಜರಿದ್ದರು.
ನ್ಯುಮೋನಿಯಾ ಬಗ್ಗೆ ಭಯಬೇಡ, ಎಚ್ಚರಿಕೆ ಇರಲಿ
ಶ್ರೀರಂಗಪಟ್ಟಣ: ನ್ಯುಮೋನಿಯಾ ಸೋಂಕು ಎಲ್ಲಾ ವಯಸ್ಸಿನವರಿಗೂ ಹರಡುವ ಸಾಧ್ಯತೆ ಇದ್ದು ಸಾರ್ವಜನಿಕರು ಭಯಪಡದೆ ಎಚ್ಚರಿಕೆ ವಹಿಸಬೇಕು ಎಂದು ತಾಲೂಕು ಆರೋಗ್ಯಾಧಿಕಾರಿ ತಿಳಿಸಿದರು. ವಿಶ್ವ ನ್ಯುಮೋನಿಯಾ ದಿನಾಚರಣೆ ಅಂಗವಾಗಿ ತಾಲೂಕು ಆರೋಗ್ಯ ಇಲಾಖೆ ವತಿಯಿಂದ ಆಯೋಜಿಸಿದ್ದ ಜಾಥಾ ಕಾರ್ಯಕ್ರಮಕ್ಕೆ ಚಾಲನೆ ನೀಡಿ ಮಾತನಾಡಿದರು. ಜ್ವರ, ಕೆಮ್ಮು, ಉಸಿರಾಟದ ತೊಂದರೆ ಕಂಡುಬಂದಲ್ಲಿ ತಕ್ಷಣ ವೈದ್ಯರನ್ನು ಸಂಪರ್ಕಿಸಬೇಕು. ಮಕ್ಕಳಿಗೆ ಸಕಾಲದಲ್ಲಿ ಲಸಿಕೆ ಹಾಕಿಸುವ ಮೂಲಕ ರೋಗ ತಡೆಗಟ್ಟಬಹುದು ಎಂದರು. ನ.12ರಿಂದ ನ್ಯುಮೋನಿಯಾ ಕುರಿತು ಜಾಗೃತಿ ಅಭಿಯಾನ ನಡೆಸಲಾಗುತ್ತಿದ್ದು ಆರೋಗ್ಯ ಕಾರ್ಯಕರ್ತೆಯರು ಮನೆ ಮನೆಗೆ ಭೇಟಿ ನೀಡಿ ಮಾಹಿತಿ ನೀಡಲಿದ್ದಾರೆ. ವೈದ್ಯಾಧಿಕಾರಿಗಳು, ಆಶಾ ಕಾರ್ಯಕರ್ತೆಯರು, ವಿದ್ಯಾರ್ಥಿಗಳು ಜಾಥಾದಲ್ಲಿ ಪಾಲ್ಗೊಂಡಿದ್ದರು.
ನ್ಯುಮೋನಿಯಾ ಸೋಂಕು ಎಲ್ಲಾ ವಯಸ್ಸಿನವರಿಗೂ ಹರಡುವ ಸಾಧ್ಯತೆ ಇದ್ದು ಸಾರ್ವಜನಿಕರು ಭಯಪಡದೆ ಎಚ್ಚರಿಕೆ ವಹಿಸಬೇಕು ಎಂದು ತಾಲೂಕು ಆರೋಗ್ಯಾಧಿಕಾರಿ ತಿಳಿಸಿದರು. ವಿಶ್ವ ನ್ಯುಮೋನಿಯಾ ದಿನಾಚರಣೆ ಅಂಗವಾಗಿ ತಾಲೂಕು ಆರೋಗ್ಯ ಇಲಾಖೆ ವತಿಯಿಂದ ಆಯೋಜಿಸಿದ್ದ ಜಾಥಾ ಕಾರ್ಯಕ್ರಮಕ್ಕೆ ಚಾಲನೆ ನೀಡಿ ಮಾತನಾಡಿದರು. ಜ್ವರ, ಕೆಮ್ಮು, ಉಸಿರಾಟದ ತೊಂದರೆ ಕಂಡುಬಂದಲ್ಲಿ ತಕ್ಷಣ ವೈದ್ಯರನ್ನು ಸಂಪರ್ಕಿಸಬೇಕು.
ನ್ಯುಮೋನಿಯಾ ಸೋಂಕು ಎಲ್ಲಾ ವಯಸ್ಸಿನವರಿಗೂ ಹರಡುವ ಸಾಧ್ಯತೆ ಇದ್ದು ಸಾರ್ವಜನಿಕರು ಭಯಪಡದೆ ಎಚ್ಚರಿಕೆ ವಹಿಸಬೇಕು ಎಂದು ತಾಲೂಕು ಆರೋಗ್ಯಾಧಿಕಾರಿ ತಿಳಿಸಿದರು. ವಿಶ್ವ ನ್ಯುಮೋನಿಯಾ ದಿನಾಚರಣೆ ಅಂಗವಾಗಿ ತಾಲೂಕು ಆರೋಗ್ಯ ಇಲಾಖೆ ವತಿಯಿಂದ ಆಯೋಜಿಸಿದ್ದ ಜಾಥಾ ಕಾರ್ಯಕ್ರಮಕ್ಕೆ ಚಾಲನೆ ನೀಡಿ ಮಾತನಾಡಿದರು. ಜ್ವರ, ಕೆಮ್ಮು, ಉಸಿರಾಟದ ತೊಂದರೆ ಕಂಡುಬಂದಲ್ಲಿ ತಕ್ಷಣ ವೈದ್ಯರನ್ನು ಸಂಪರ್ಕಿಸಬೇಕು. ಮಕ್ಕಳಿಗೆ ಸಕಾಲದಲ್ಲಿ ಲಸಿಕೆ ಹಾಕಿಸುವ ಮೂಲಕ ರೋಗ ತಡೆಗಟ್ಟಬಹುದು ಎಂದರು. ನ.12ರಿಂದ ನ್ಯುಮೋನಿಯಾ ಕುರಿತು ಜಾಗೃತಿ ಅಭಿಯಾನ ನಡೆಸಲಾಗುತ್ತಿದ್ದು ಆರೋಗ್ಯ ಕಾರ್ಯಕರ್ತೆಯರು ಮನೆ ಮನೆಗೆ ಭೇಟಿ ನೀಡಿ ಮಾಹಿತಿ ನೀಡಲಿದ್ದಾರೆ. ವೈದ್ಯಾಧಿಕಾರಿಗಳು, ಆಶಾ ಕಾರ್ಯಕರ್ತೆಯರು, ವಿದ್ಯಾರ್ಥಿಗಳು ಜಾಥಾದಲ್ಲಿ ಪಾಲ್ಗೊಂಡಿದ್ದರು.
ರಸ್ತೆ ಅಭಿವೃದ್ಧಿ ಕಾಮಗಾರಿಗೆ ಚಾಲನೆ ನೀಡಿದ ಶಾಸಕ ಕೆ.ಎಂ.ಉದಯ್
ಕುಂದುಕೊರತೆ ಆಲಿಸಿ ಸ್ಥಳದಲ್ಲೇ ಪರಿಹಾರ
ಮದ್ದೂರು: ತಾಲೂಕಿನ ಹಲವು ಗ್ರಾಮಗಳಿಗೆ ಭೇಟಿ ನೀಡಿದ ಶಾಸಕ ಕೆ.ಎಂ.ಉದಯ್ ಅವರು ಸಾರ್ವಜನಿಕರ ಕುಂದುಕೊರತೆಗಳನ್ನು ಆಲಿಸಿ ಸ್ಥಳದಲ್ಲೇ ಪರಿಹಾರ ಕಲ್ಪಿಸಿದರು. ಗ್ರಾಮಗಳ ರಸ್ತೆ ಅಭಿವೃದ್ಧಿ ಕಾಮಗಾರಿಗೆ ಚಾಲನೆ ನೀಡಿ ಮಾತನಾಡಿದ ಅವರು, ಕ್ಷೇತ್ರದ ಪ್ರತಿಯೊಂದು ಗ್ರಾಮಕ್ಕೂ ಮೂಲ ಸೌಕರ್ಯ ಒದಗಿಸಲು ಬದ್ಧನಾಗಿದ್ದೇನೆ. ಸರ್ಕಾರದ ಯೋಜನೆಗಳನ್ನು ಅರ್ಹ ಫಲಾನುಭವಿಗಳಿಗೆ ತಲುಪಿಸುವಲ್ಲಿ ಅಧಿಕಾರಿಗಳು ಕಾಳಜಿ ವಹಿಸಬೇಕು. ರಸ್ತೆ, ಚರಂಡಿ, ಕುಡಿಯುವ ನೀರು ಸೇರಿದಂತೆ ಅಗತ್ಯ ಕಾಮಗಾರಿಗಳನ್ನು ಶೀಘ್ರ ಪೂರ್ಣಗೊಳಿಸಲಾಗುವುದು ಎಂದು ಭರವಸೆ ನೀಡಿದರು. ತಾಪಂ ಇಒ, ಗ್ರಾಪಂ ಅಧ್ಯಕ್ಷರು, ಸದಸ್ಯರು, ಮುಖಂಡರು ಹಾಜರಿದ್ದರು.	ತಾಲೂಕಿನ ಹಲವು ಗ್ರಾಮಗಳಿಗೆ ಭೇಟಿ ನೀಡಿದ ಶಾಸಕ ಕೆ.ಎಂ.ಉದಯ್ ಅವರು ಸಾರ್ವಜನಿಕರ ಕುಂದುಕೊರತೆಗಳನ್ನು ಆಲಿಸಿ ಸ್ಥಳದಲ್ಲೇ ಪರಿಹಾರ ಕಲ್ಪಿಸಿದರು. ಗ್ರಾಮಗಳ ರಸ್ತೆ ಅಭಿವೃದ್ಧಿ ಕಾಮಗಾರಿಗೆ ಚಾಲನೆ ನೀಡಿ ಮಾತನಾಡಿದ ಅವರು, ಕ್ಷೇತ್ರದ ಪ್ರತಿಯೊಂದು ಗ್ರಾಮಕ್ಕೂ ಮೂಲ ಸೌಕರ್ಯ ಒದಗಿಸಲು ಬದ್ಧನಾಗಿದ್ದೇನೆ. ಸರ್ಕಾರದ ಯೋಜನೆಗಳನ್ನು ಅರ್ಹ ಫಲಾನುಭವಿಗಳಿಗೆ ತಲುಪಿಸುವಲ್ಲಿ ಅಧಿಕಾರಿಗಳು ಕಾಳಜಿ ವಹಿಸಬೇಕು. ರಸ್ತೆ, ಚರಂಡಿ, ಕುಡಿಯುವ ನೀರು ಸೇರಿದಂತೆ ಅಗತ್ಯ ಕಾಮಗಾರಿಗಳನ್ನು ಶೀಘ್ರ ಪೂರ್ಣಗೊಳಿಸಲಾಗುವುದು ಎಂದು ಭರವಸೆ ನೀಡಿದರು. ತಾಪಂ ಇಒ, ಗ್ರಾಪಂ ಅಧ್ಯಕ್ಷರು, ಸದಸ್ಯರು, ಮುಖಂಡರು ಹಾಜರಿದ್ದರು.
❛❛
ದೇವಾಲಯಗಳ ಪುನಶ್ಚೇತನ, ಮಹಿಳಾ ಹಾಲು ಉತ್ಪಾದಕರ ಸಹಕಾರ ಸಂಘ ನಿರ್ಮಾಣ ಮತ್ತು ಸಮುದಾಯ ಸೇವಾ ಕಾರ್ಯಗಳಿಗೂ ಹೆಚ್ಚಿನ ಒತ್ತು ನೀಡಿದ್ದು ಕಡಲೂರು ಉದಯ ಚಾರಿಟಬಲ್ ಟ್ರಸ್ಟ್ ವತಿಯಿಂದ ಸರ್ಕಾರಿ ಶಾಲೆಯಲ್ಲಿ ವ್ಯಾಸಂಗ ಮಾಡುತ್ತಿರುವ ಪ್ರಾಥಮಿಕ ಮತ್ತು ಪ್ರೌಢಶಾಲೆಯ ವಿದ್ಯಾರ್ಥಿಗಳಿಗೆ ನೋಟ್‌ಬುಕ್ ವಿತರಿಸಲಾಗುತ್ತಿದೆ.
ಕೆ.ಎಂ.ಉದಯ್, ಶಾಸಕ
ಸರ್ಕಾರಿ ಶಾಲೆಯ ಜಮೀನಿಗಾಗಿ ಹೋರಾಟ ಮಾಡಿದ್ದ ಶಿಕ್ಷಕ
ಶಿಕ್ಷಕ ಅಶ್ವಥ್‌ಗೆ ಗ್ರಾಮಸ್ಥರಿಂದ ಅಭಿನಂದನೆ
ಮೇಲುಕೋಟೆ: ಪತ್ರಾವರ ಮಠಾಧ್ಯಕ್ಷರಿಗೆ ಸಂಬಂಧಿಸಿದ ಸರ್ಕಾರಿ ಶಾಲೆಯ ಜಮೀನನ್ನು ಉಳಿಸಿಕೊಳ್ಳಲು ಶ್ರಮಿಸಿದ ಶಿಕ್ಷಕ ಅಶ್ವಥ್ ಅವರನ್ನು ಗ್ರಾಮಸ್ಥರು ಸನ್ಮಾನಿಸಿ ಅಭಿನಂದಿಸಿದರು. ಶಾಲೆಯ ಜಮೀನು ಒತ್ತುವರಿಯಾಗಿದ್ದ ಬಗ್ಗೆ ದಾಖಲೆ ಸಂಗ್ರಹಿಸಿ ಸಂಬಂಧಪಟ್ಟ ಇಲಾಖೆಗಳ ಗಮನಕ್ಕೆ ತಂದು ಹೋರಾಟ ನಡೆಸಿದ್ದರು. ಅವರ ಪ್ರಯತ್ನದ ಫಲವಾಗಿ ಶಾಲೆಗೆ ಜಮೀನು ಮರಳಿ ದೊರೆತಿದೆ. ಮಕ್ಕಳ ಭವಿಷ್ಯದ ದೃಷ್ಟಿಯಿಂದ ಶಾಲೆಯ ಆಸ್ತಿಯನ್ನು ಉಳಿಸಿಕೊಳ್ಳುವುದು ಎಲ್ಲರ ಜವಾಬ್ದಾರಿ ಎಂದು ಗ್ರಾಮದ ಮುಖಂಡರು ಹೇಳಿದರು. ಶಾಲಾಭಿವೃದ್ಧಿ ಸಮಿತಿ ಅಧ್ಯಕ್ಷರು, ಸದಸ್ಯರು, ಗ್ರಾಮಸ್ಥರು ಸಮಾರಂಭದಲ್ಲಿ ಉಪಸ್ಥಿತರಿದ್ದರು.
ಪತ್ರಾವರ ಮಠಾಧ್ಯಕ್ಷರಿಗೆ ಸಂಬಂಧಿಸಿದ ಸರ್ಕಾರಿ ಶಾಲೆಯ ಜಮೀನನ್ನು ಉಳಿಸಿಕೊಳ್ಳಲು ಶ್ರಮಿಸಿದ ಶಿಕ್ಷಕ ಅಶ್ವಥ್ ಅವರನ್ನು ಗ್ರಾಮಸ್ಥರು ಸನ್ಮಾನಿಸಿ ಅಭಿನಂದಿಸಿದರು. ಶಾಲೆಯ ಜಮೀನು ಒತ್ತುವರಿಯಾಗಿದ್ದ ಬಗ್ಗೆ ದಾಖಲೆ ಸಂಗ್ರಹಿಸಿ ಸಂಬಂಧಪಟ್ಟ ಇಲಾಖೆಗಳ ಗಮನಕ್ಕೆ ತಂದು ಹೋರಾಟ ನಡೆಸಿದ್ದರು. ಅವರ ಪ್ರಯತ್ನದ ಫಲವಾಗಿ ಶಾಲೆಗೆ ಜಮೀನು ಮರಳಿ ದೊರೆತಿದೆ. ಮಕ್ಕಳ ಭವಿಷ್ಯದ ದೃಷ್ಟಿಯಿಂದ ಶಾಲೆಯ ಆಸ್ತಿಯನ್ನು ಉಳಿಸಿಕೊಳ್ಳುವುದು ಎಲ್ಲರ ಜವಾಬ್ದಾರಿ ಎಂದು ಗ್ರಾಮದ ಮುಖಂಡರು ಹೇಳಿದರು. ಶಾಲಾಭಿವೃದ್ಧಿ ಸಮಿತಿ ಅಧ್ಯಕ್ಷರು, ಸದಸ್ಯರು, ಗ್ರಾಮಸ್ಥರು ಸಮಾರಂಭದಲ್ಲಿ ಉಪಸ್ಥಿತರಿದ್ದರು.
●●●●	●●●●	●●●●	●●●●
